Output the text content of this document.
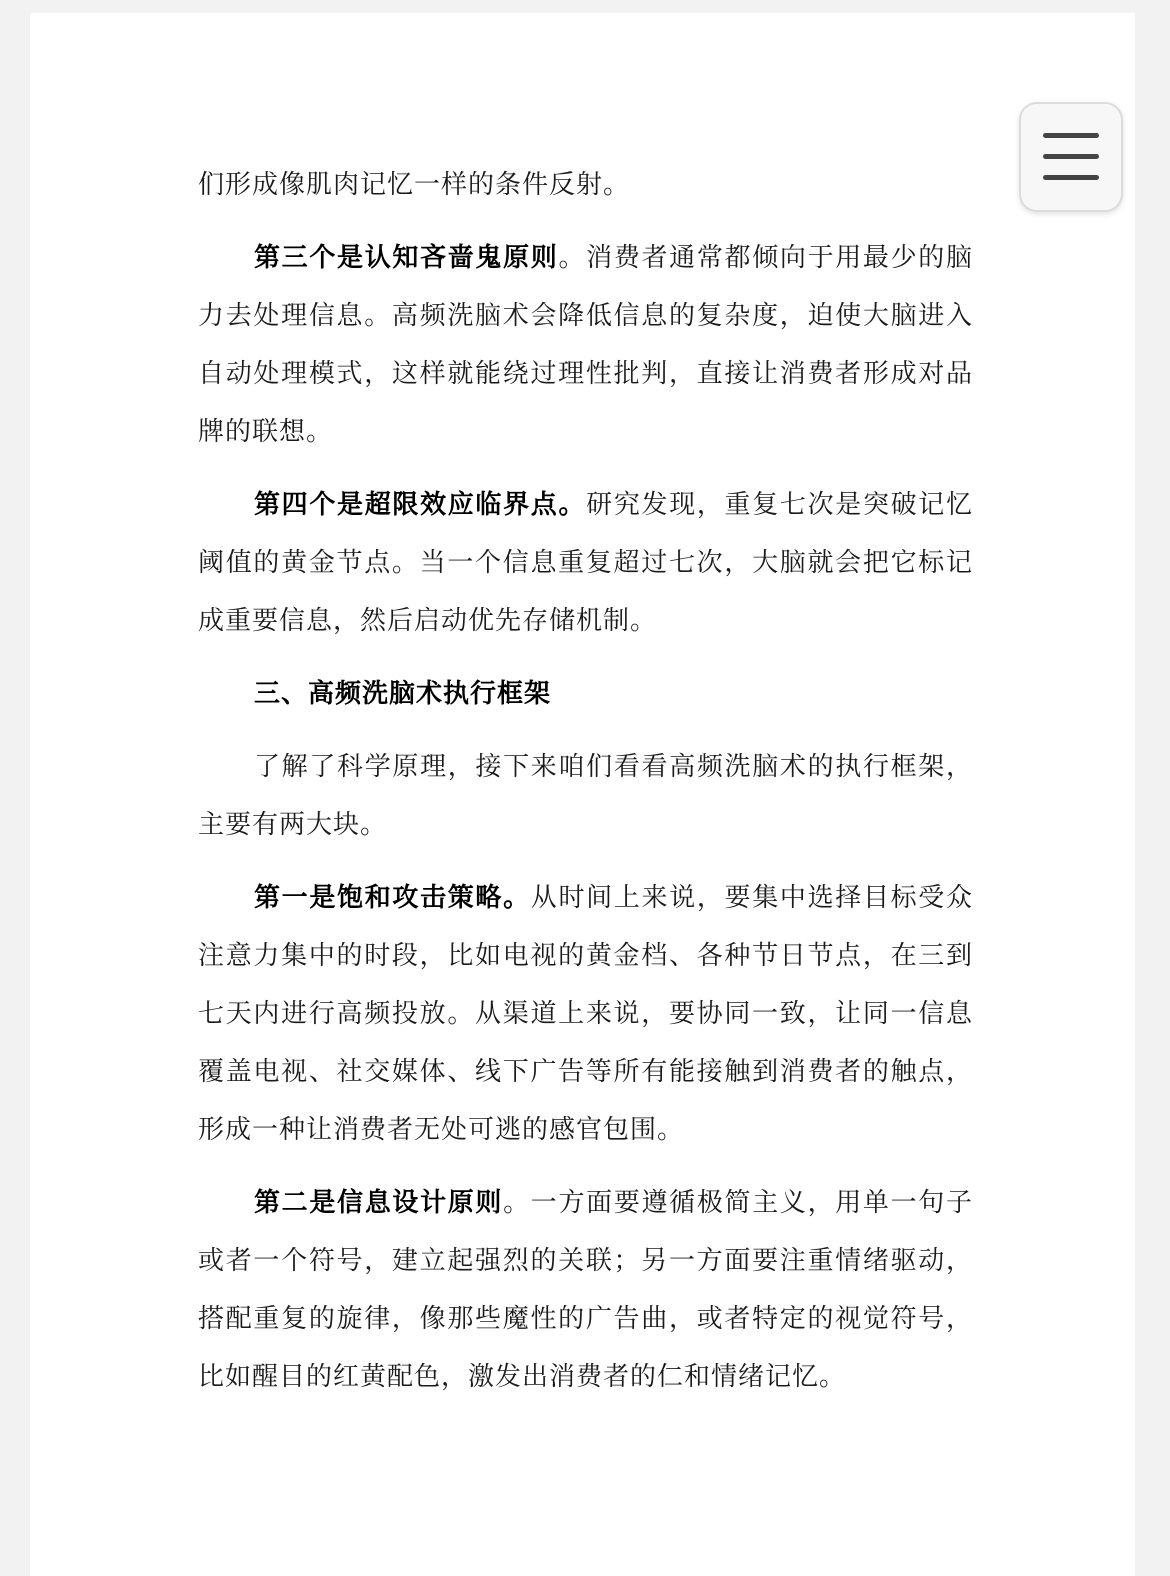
们形成像肌肉记忆一样的条件反射。

第三个是认知吝啬鬼原则。消费者通常都倾向于用最少的脑力去处理信息。高频洗脑术会降低信息的复杂度，迫使大脑进入自动处理模式，这样就能绕过理性批判，直接让消费者形成对品牌的联想。

第四个是超限效应临界点。研究发现，重复七次是突破记忆阈值的黄金节点。当一个信息重复超过七次，大脑就会把它标记成重要信息，然后启动优先存储机制。

三、高频洗脑术执行框架

了解了科学原理，接下来咱们看看高频洗脑术的执行框架，主要有两大块。

第一是饱和攻击策略。从时间上来说，要集中选择目标受众注意力集中的时段，比如电视的黄金档、各种节日节点，在三到七天内进行高频投放。从渠道上来说，要协同一致，让同一信息覆盖电视、社交媒体、线下广告等所有能接触到消费者的触点，形成一种让消费者无处可逃的感官包围。

第二是信息设计原则。一方面要遵循极简主义，用单一句子或者一个符号，建立起强烈的关联；另一方面要注重情绪驱动，搭配重复的旋律，像那些魔性的广告曲，或者特定的视觉符号，比如醒目的红黄配色，激发出消费者的仁和情绪记忆。
